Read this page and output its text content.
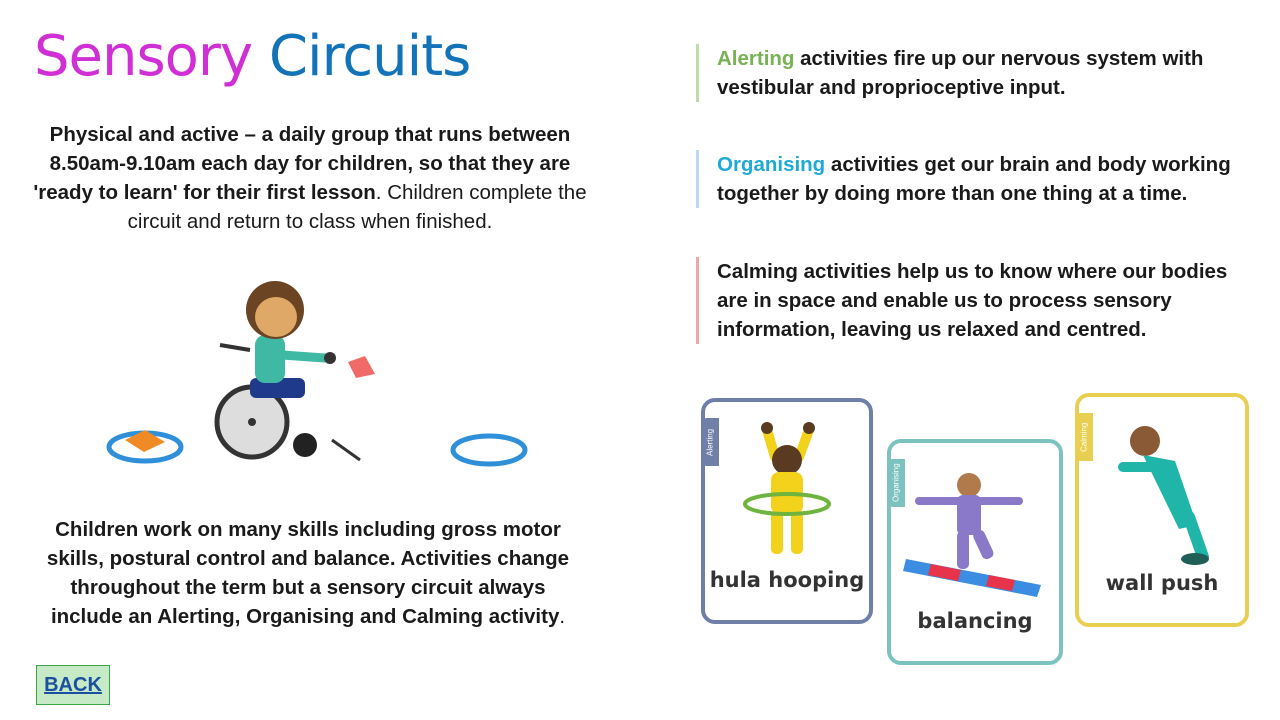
Sensory Circuits
Physical and active – a daily group that runs between 8.50am-9.10am each day for children, so that they are 'ready to learn' for their first lesson. Children complete the circuit and return to class when finished.
Children work on many skills including gross motor skills, postural control and balance. Activities change throughout the term but a sensory circuit always include an Alerting, Organising and Calming activity.
BACK
Alerting activities fire up our nervous system with vestibular and proprioceptive input.
Organising activities get our brain and body working together by doing more than one thing at a time.
Calming activities help us to know where our bodies are in space and enable us to process sensory information, leaving us relaxed and centred.
Alerting
hula hooping
Organising
balancing
Calming
wall push
